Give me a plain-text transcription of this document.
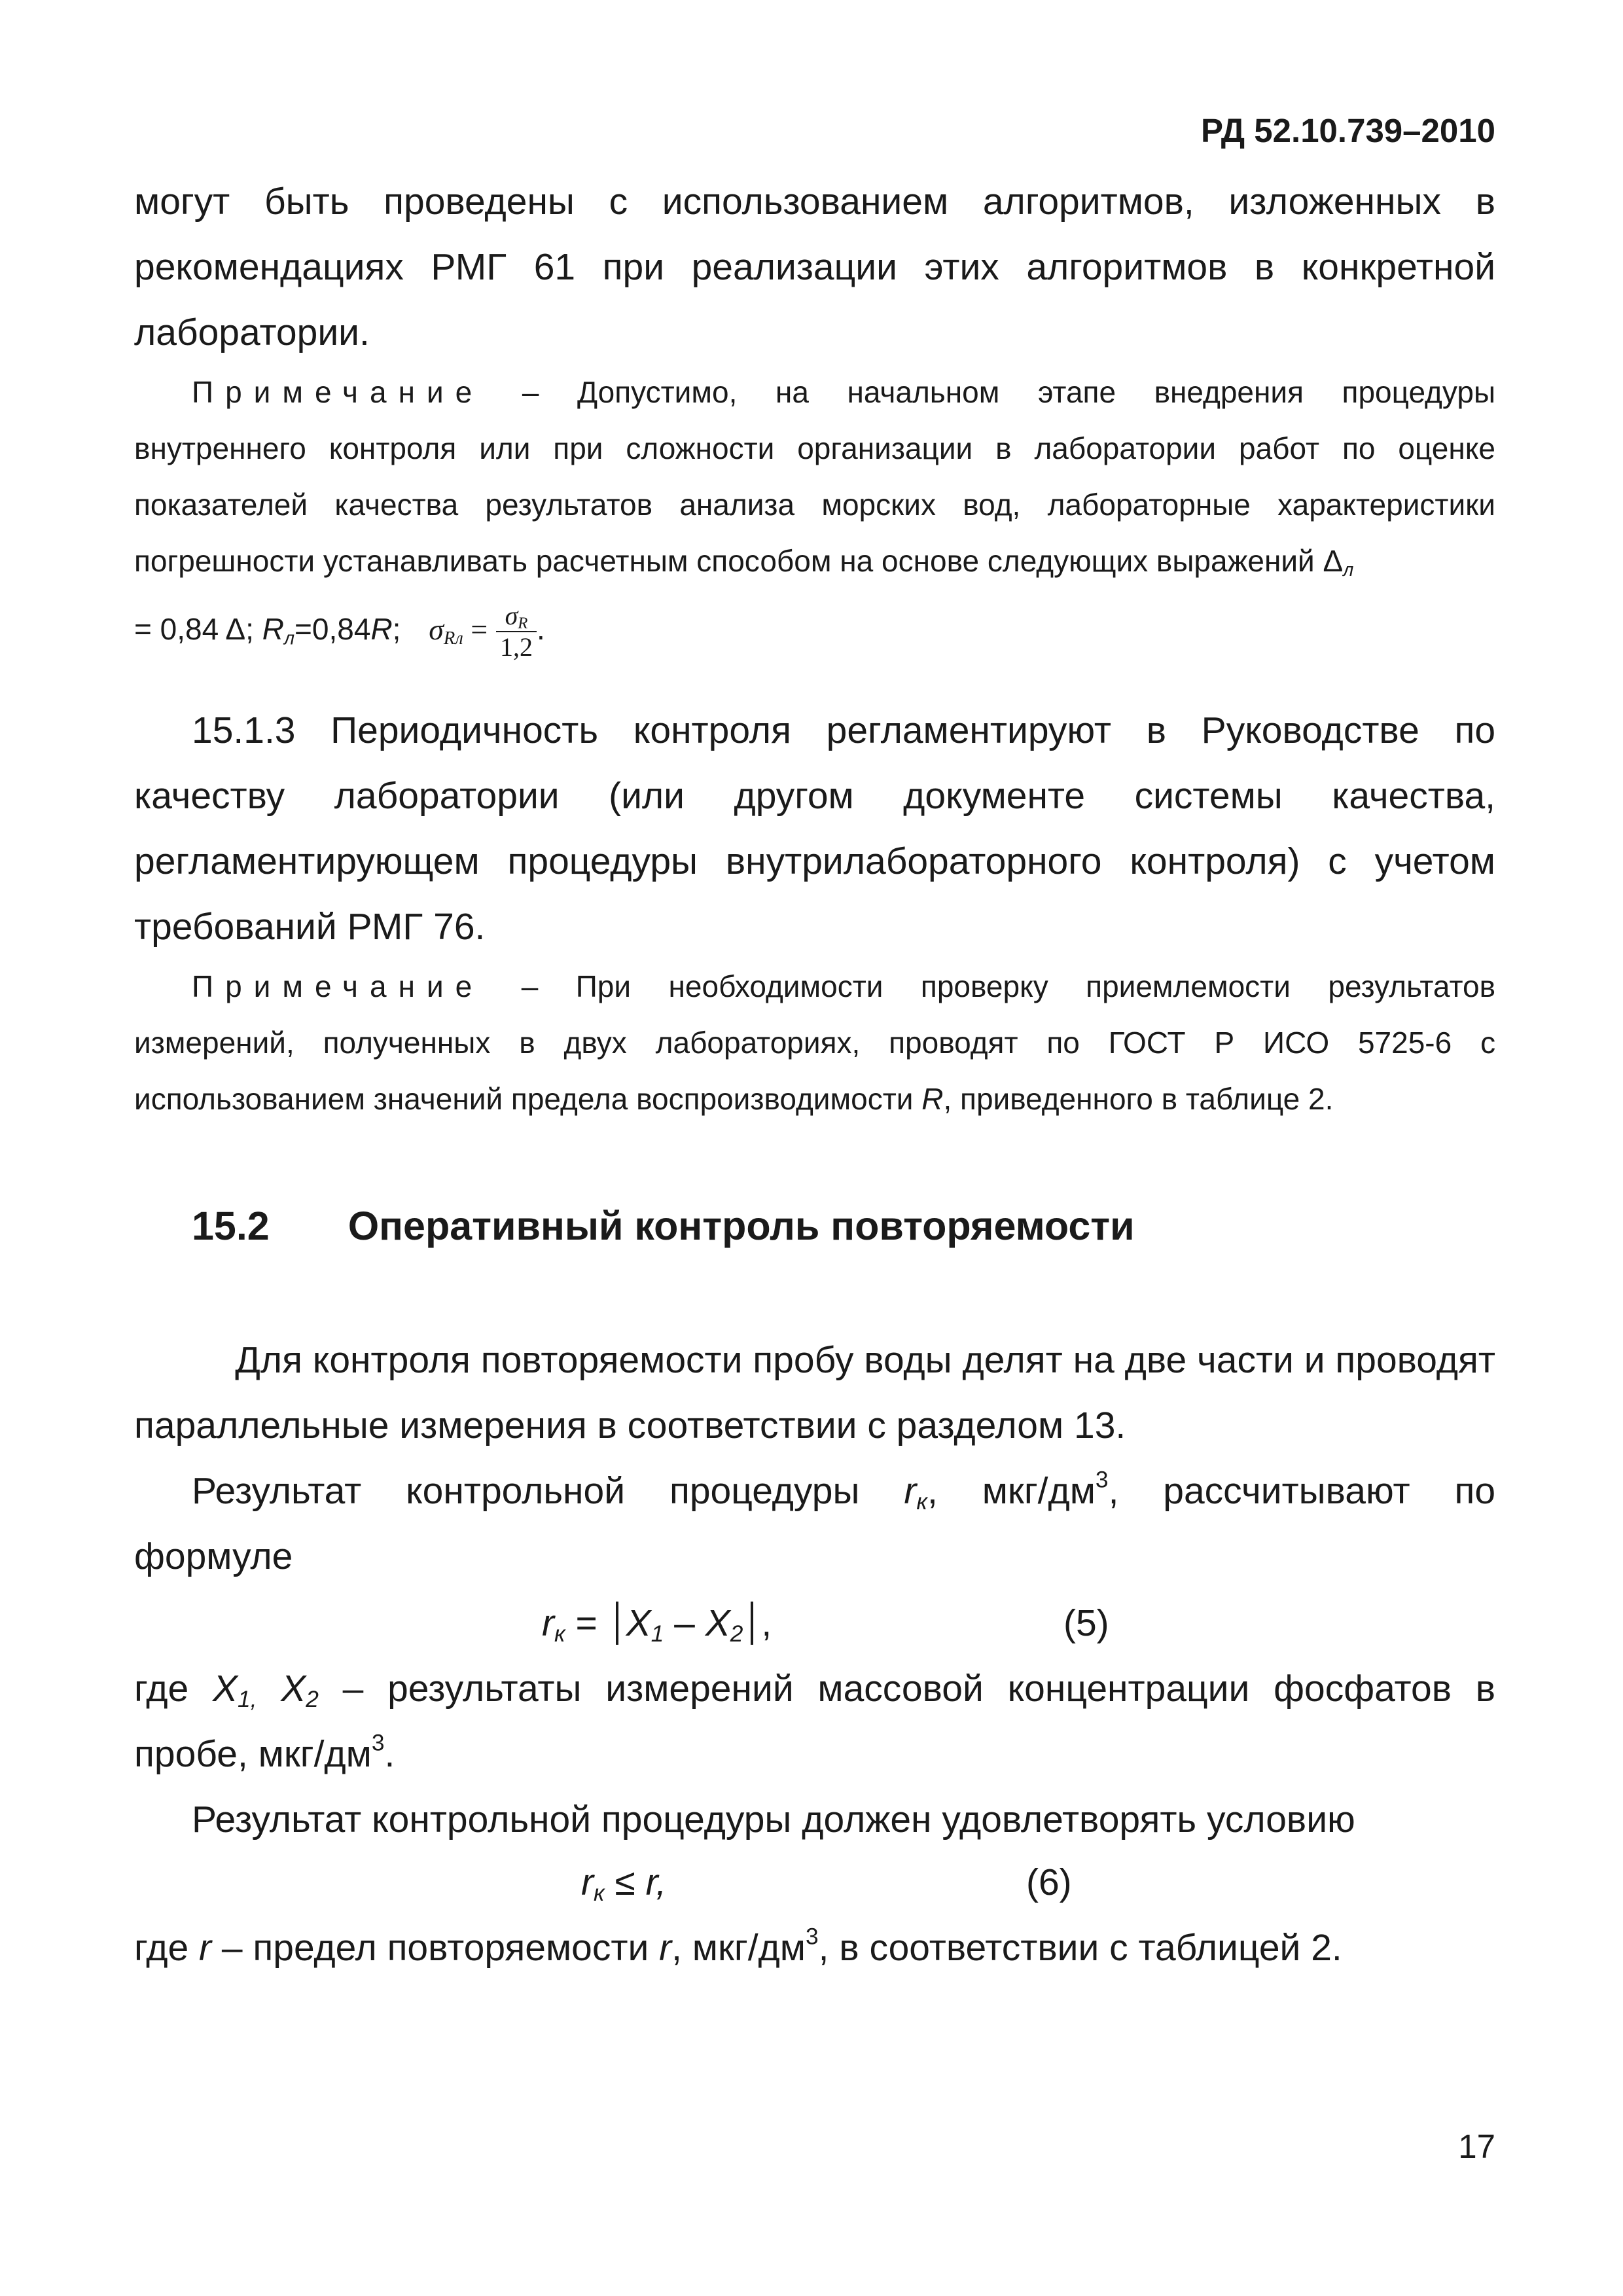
РД 52.10.739–2010
могут быть проведены с использованием алгоритмов, изложенных в
рекомендациях РМГ 61 при реализации этих алгоритмов в конкретной
лаборатории.
Примечание – Допустимо, на начальном этапе внедрения процедуры
внутреннего контроля или при сложности организации в лаборатории работ по оценке
показателей качества результатов анализа морских вод, лабораторные характеристики
погрешности устанавливать расчетным способом на основе следующих выражений $\Delta_л$
= 0,84 Δ; $R_л=0,84R$; $\sigma_{Rл} = \frac{\sigma_R}{1,2}$ .
15.1.3 Периодичность контроля регламентируют в Руководстве по
качеству лаборатории (или другом документе системы качества,
регламентирующем процедуры внутрилабораторного контроля) с учетом
требований РМГ 76.
Примечание – При необходимости проверку приемлемости результатов
измерений, полученных в двух лабораториях, проводят по ГОСТ Р ИСО 5725-6 с
использованием значений предела воспроизводимости R, приведенного в таблице 2.
15.2 Оперативный контроль повторяемости
Для контроля повторяемости пробу воды делят на две части и проводят
параллельные измерения в соответствии с разделом 13.
Результат контрольной процедуры $r_к$, мкг/$дм^3$, рассчитывают по
формуле
$r_к = X_1 - X_2$ ,	(5)
где $X_{1,}$ $X_2$ – результаты измерений массовой концентрации фосфатов в
пробе, мкг/$дм^3$.
Результат контрольной процедуры должен удовлетворять условию
$r_к \le r$,	(6)
где r – предел повторяемости r, мкг/$дм^3$, в соответствии с таблицей 2.
17
